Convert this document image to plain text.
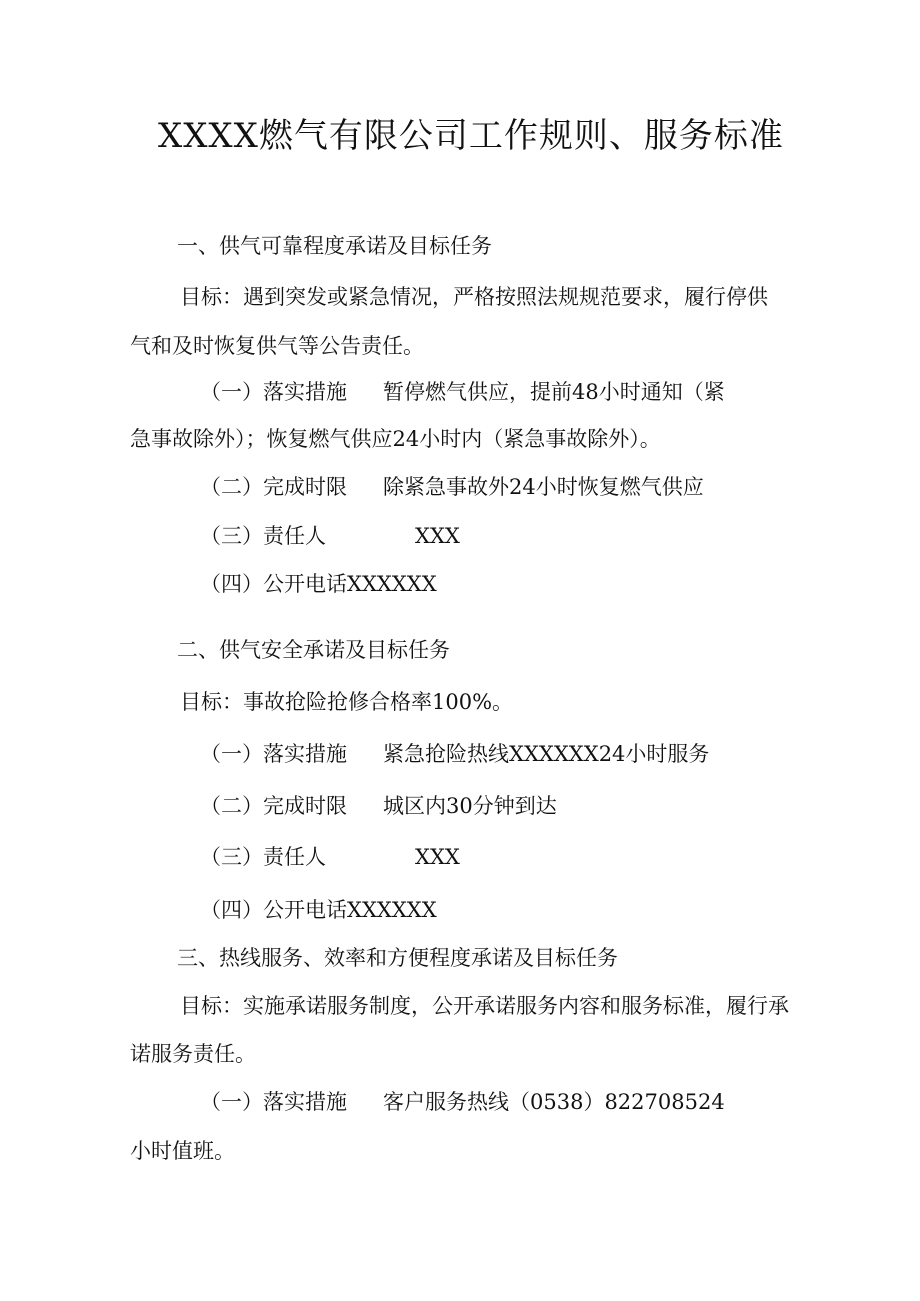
XXXX燃气有限公司工作规则、服务标准
一、供气可靠程度承诺及目标任务
目标：遇到突发或紧急情况，严格按照法规规范要求，履行停供
气和及时恢复供气等公告责任。
（一）落实措施 暂停燃气供应，提前48小时通知（紧
急事故除外）；恢复燃气供应24小时内（紧急事故除外）。
（二）完成时限 除紧急事故外24小时恢复燃气供应
（三）责任人	XXX
（四）公开电话XXXXXX
二、供气安全承诺及目标任务
目标：事故抢险抢修合格率100%。
（一）落实措施 紧急抢险热线XXXXXX24小时服务
（二）完成时限 城区内30分钟到达
（三）责任人	XXX
（四）公开电话XXXXXX
三、热线服务、效率和方便程度承诺及目标任务
目标：实施承诺服务制度，公开承诺服务内容和服务标准，履行承
诺服务责任。
（一）落实措施 客户服务热线（0538）822708524
小时值班。
